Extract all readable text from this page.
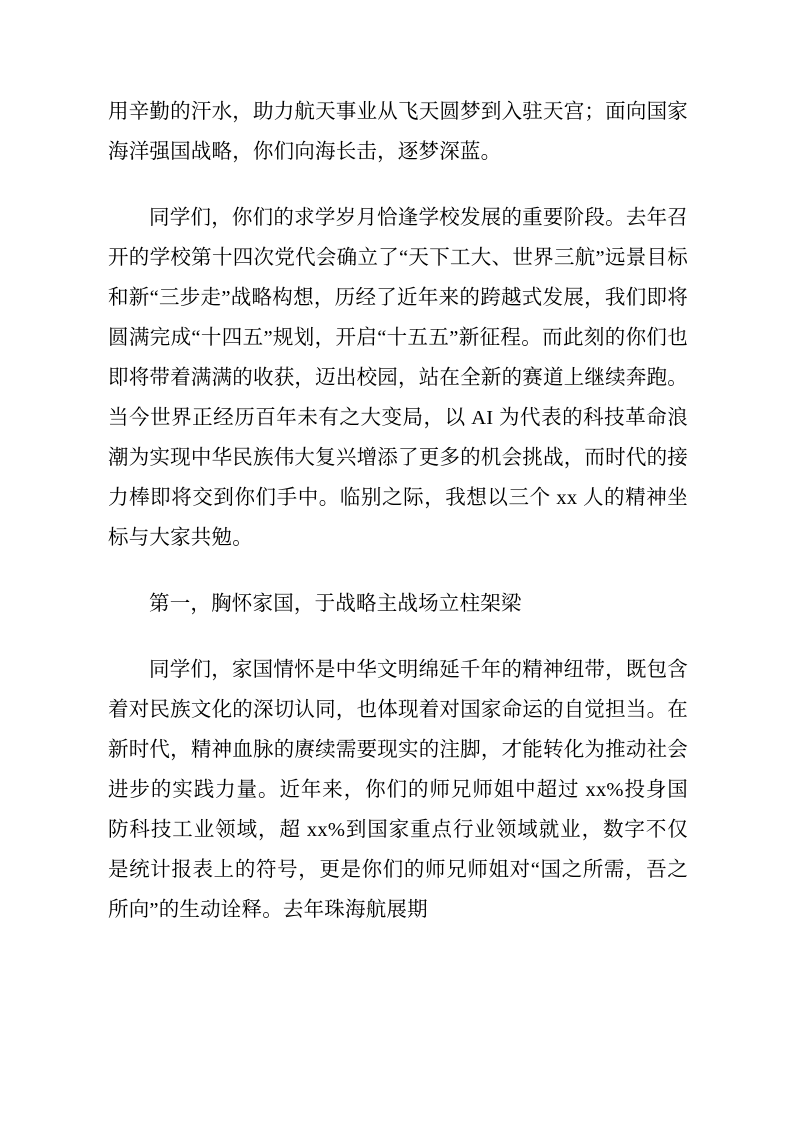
用辛勤的汗水，助力航天事业从飞天圆梦到入驻天宫；面向国家海洋强国战略，你们向海长击，逐梦深蓝。

同学们，你们的求学岁月恰逢学校发展的重要阶段。去年召开的学校第十四次党代会确立了“天下工大、世界三航”远景目标和新“三步走”战略构想，历经了近年来的跨越式发展，我们即将圆满完成“十四五”规划，开启“十五五”新征程。而此刻的你们也即将带着满满的收获，迈出校园，站在全新的赛道上继续奔跑。当今世界正经历百年未有之大变局，以 AI 为代表的科技革命浪潮为实现中华民族伟大复兴增添了更多的机会挑战，而时代的接力棒即将交到你们手中。临别之际，我想以三个 xx 人的精神坐标与大家共勉。

第一，胸怀家国，于战略主战场立柱架梁

同学们，家国情怀是中华文明绵延千年的精神纽带，既包含着对民族文化的深切认同，也体现着对国家命运的自觉担当。在新时代，精神血脉的赓续需要现实的注脚，才能转化为推动社会进步的实践力量。近年来，你们的师兄师姐中超过 xx%投身国防科技工业领域，超 xx%到国家重点行业领域就业，数字不仅是统计报表上的符号，更是你们的师兄师姐对“国之所需，吾之所向”的生动诠释。去年珠海航展期
